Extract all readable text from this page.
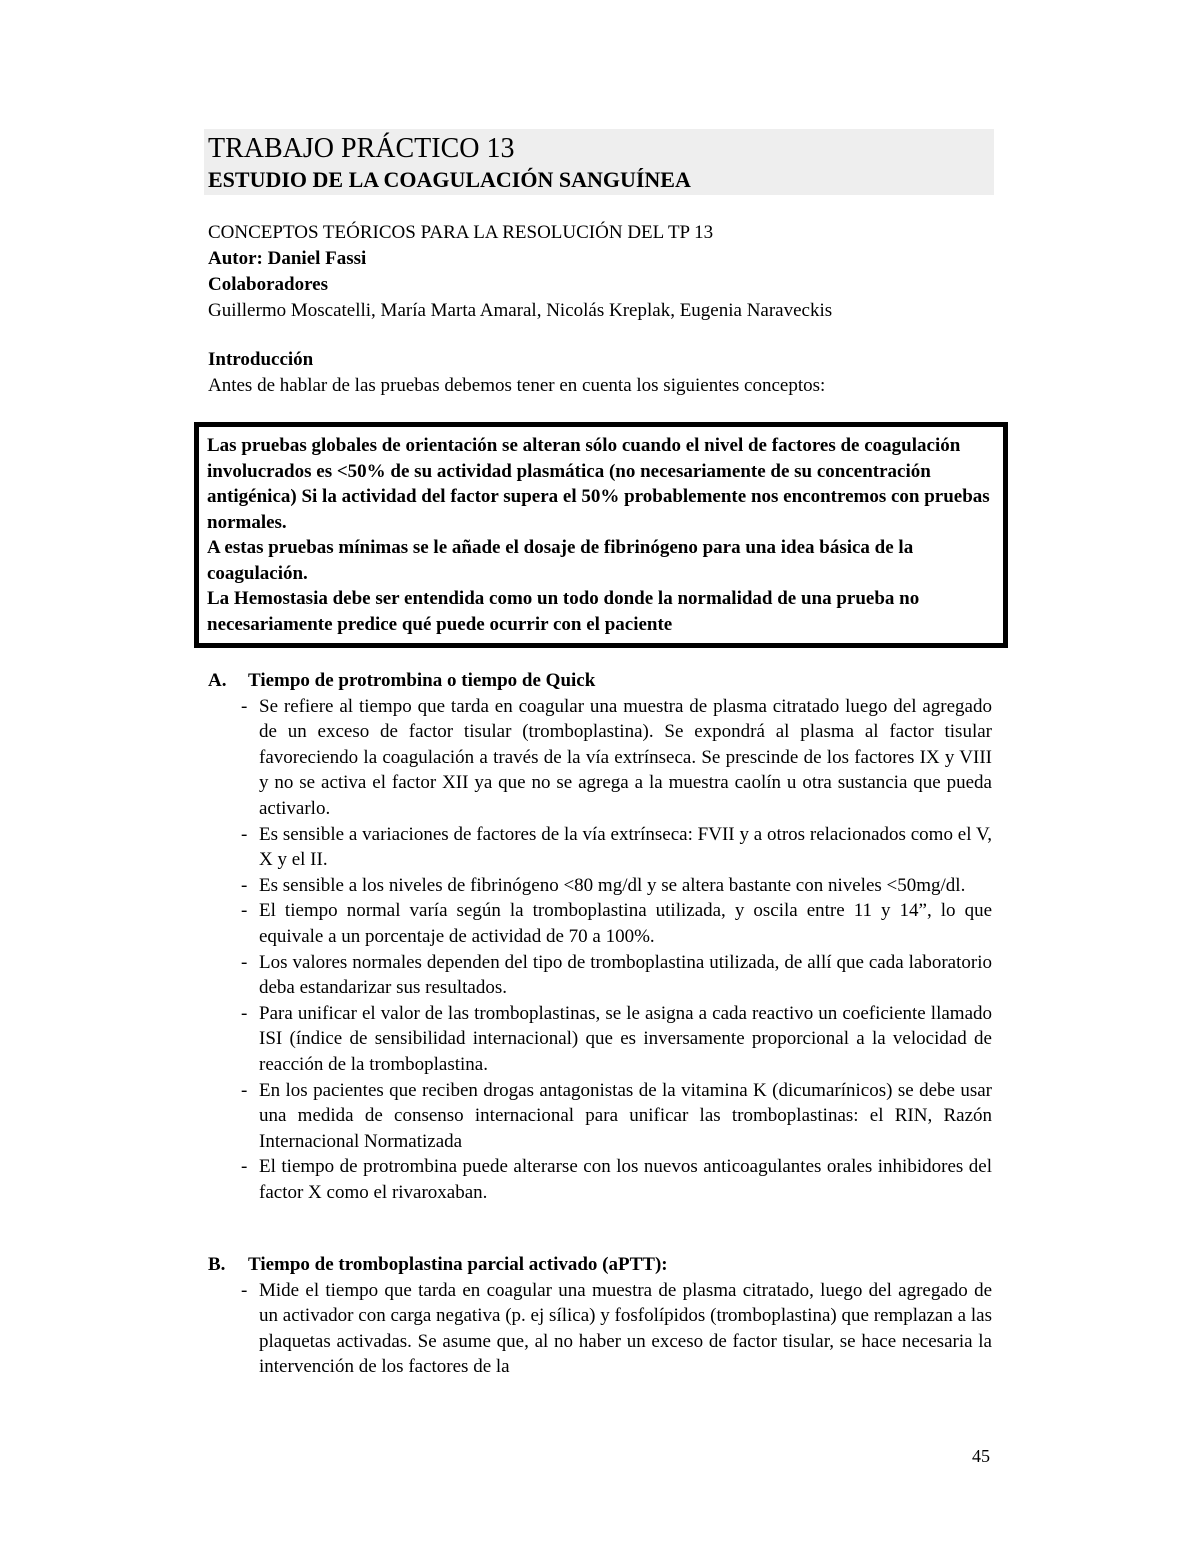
TRABAJO PRÁCTICO 13
ESTUDIO DE LA COAGULACIÓN SANGUÍNEA
CONCEPTOS TEÓRICOS PARA LA RESOLUCIÓN DEL TP 13
Autor: Daniel Fassi
Colaboradores
Guillermo Moscatelli, María Marta Amaral, Nicolás Kreplak, Eugenia Naraveckis
Introducción
Antes de hablar de las pruebas debemos tener en cuenta los siguientes conceptos:

Las pruebas globales de orientación se alteran sólo cuando el nivel de factores de coagulación involucrados es <50% de su actividad plasmática (no necesariamente de su concentración antigénica) Si la actividad del factor supera el 50% probablemente nos encontremos con pruebas normales.

A estas pruebas mínimas se le añade el dosaje de fibrinógeno para una idea básica de la coagulación.

La Hemostasia debe ser entendida como un todo donde la normalidad de una prueba no necesariamente predice qué puede ocurrir con el paciente

A. Tiempo de protrombina o tiempo de Quick

- Se refiere al tiempo que tarda en coagular una muestra de plasma citratado luego del agregado de un exceso de factor tisular (tromboplastina). Se expondrá al plasma al factor tisular favoreciendo la coagulación a través de la vía extrínseca. Se prescinde de los factores IX y VIII y no se activa el factor XII ya que no se agrega a la muestra caolín u otra sustancia que pueda activarlo.
- Es sensible a variaciones de factores de la vía extrínseca: FVII y a otros relacionados como el V, X y el II.
- Es sensible a los niveles de fibrinógeno <80 mg/dl y se altera bastante con niveles <50mg/dl.
- El tiempo normal varía según la tromboplastina utilizada, y oscila entre 11 y 14”, lo que equivale a un porcentaje de actividad de 70 a 100%.
- Los valores normales dependen del tipo de tromboplastina utilizada, de allí que cada laboratorio deba estandarizar sus resultados.
- Para unificar el valor de las tromboplastinas, se le asigna a cada reactivo un coeficiente llamado ISI (índice de sensibilidad internacional) que es inversamente proporcional a la velocidad de reacción de la tromboplastina.
- En los pacientes que reciben drogas antagonistas de la vitamina K (dicumarínicos) se debe usar una medida de consenso internacional para unificar las tromboplastinas: el RIN, Razón Internacional Normatizada
- El tiempo de protrombina puede alterarse con los nuevos anticoagulantes orales inhibidores del factor X como el rivaroxaban.

B. Tiempo de tromboplastina parcial activado (aPTT):

- Mide el tiempo que tarda en coagular una muestra de plasma citratado, luego del agregado de un activador con carga negativa (p. ej sílica) y fosfolípidos (tromboplastina) que remplazan a las plaquetas activadas. Se asume que, al no haber un exceso de factor tisular, se hace necesaria la intervención de los factores de la
45
